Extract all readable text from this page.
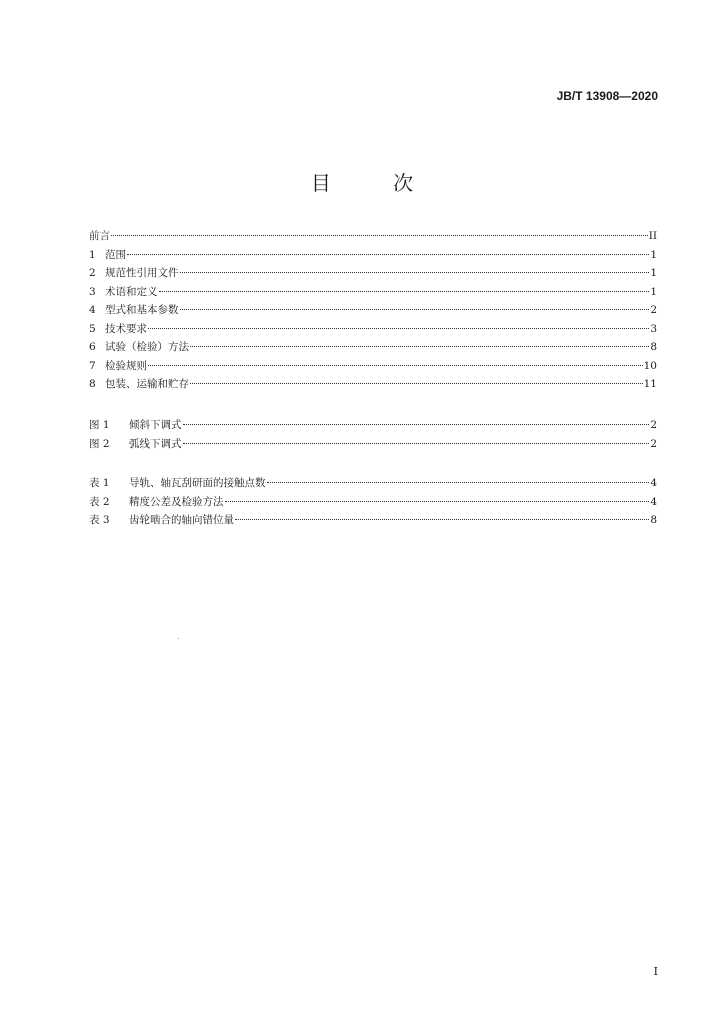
JB/T 13908—2020
目 次
前言	II
1 范围	1
2 规范性引用文件	1
3 术语和定义	1
4 型式和基本参数	2
5 技术要求	3
6 试验（检验）方法	8
7 检验规则	10
8 包装、运输和贮存	11
图 1	倾斜下调式	2
图 2	弧线下调式	2
表 1	导轨、轴瓦刮研面的接触点数	4
表 2	精度公差及检验方法	4
表 3	齿轮啮合的轴向错位量	8
I
